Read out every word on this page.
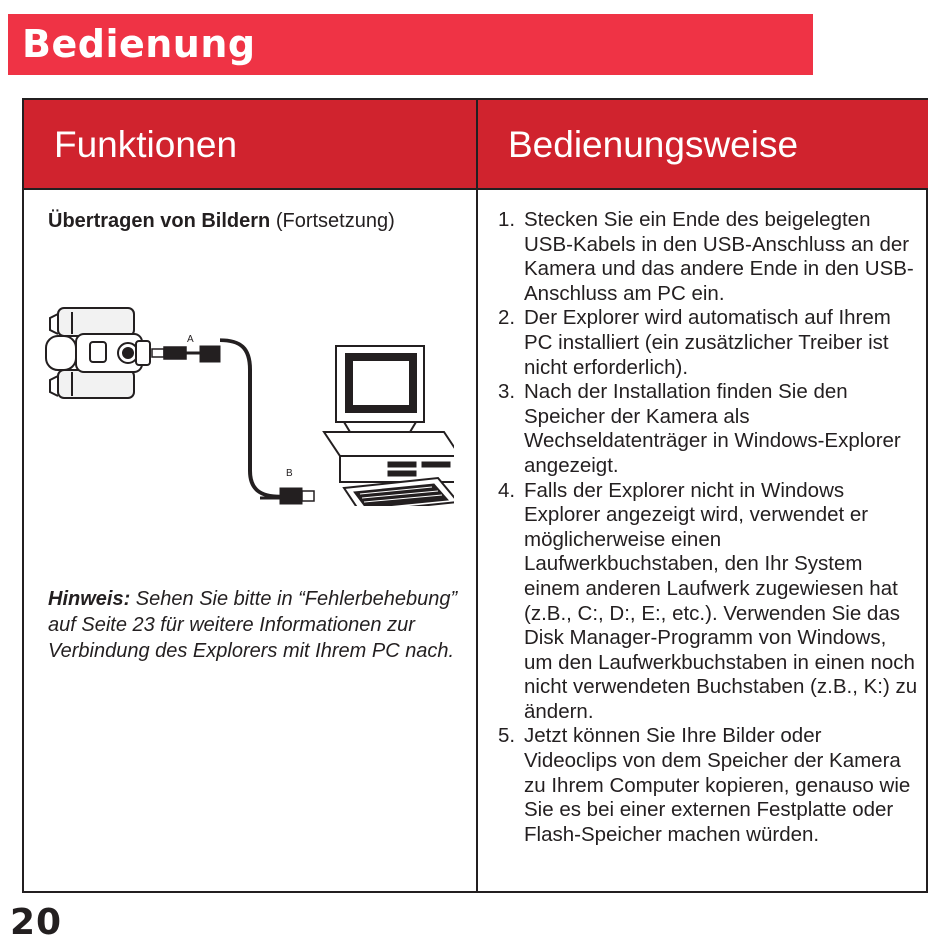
Bedienung
Funktionen	Bedienungsweise
Übertragen von Bildern (Fortsetzung)
A
B
Hinweis: Sehen Sie bitte in “Fehlerbehebung” auf Seite 23 für weitere Informationen zur Verbindung des Explorers mit Ihrem PC nach.
1. Stecken Sie ein Ende des beigelegten USB-Kabels in den USB-Anschluss an der Kamera und das andere Ende in den USB-Anschluss am PC ein.
2. Der Explorer wird automatisch auf Ihrem PC installiert (ein zusätzlicher Treiber ist nicht erforderlich).
3. Nach der Installation finden Sie den Speicher der Kamera als Wechseldatenträger in Windows-Explorer angezeigt.
4. Falls der Explorer nicht in Windows Explorer angezeigt wird, verwendet er möglicherweise einen Laufwerkbuchstaben, den Ihr System einem anderen Laufwerk zugewiesen hat (z.B., C:, D:, E:, etc.). Verwenden Sie das Disk Manager-Programm von Windows, um den Laufwerkbuchstaben in einen noch nicht verwendeten Buchstaben (z.B., K:) zu ändern.
5. Jetzt können Sie Ihre Bilder oder Videoclips von dem Speicher der Kamera zu Ihrem Computer kopieren, genauso wie Sie es bei einer externen Festplatte oder Flash-Speicher machen würden.
20
